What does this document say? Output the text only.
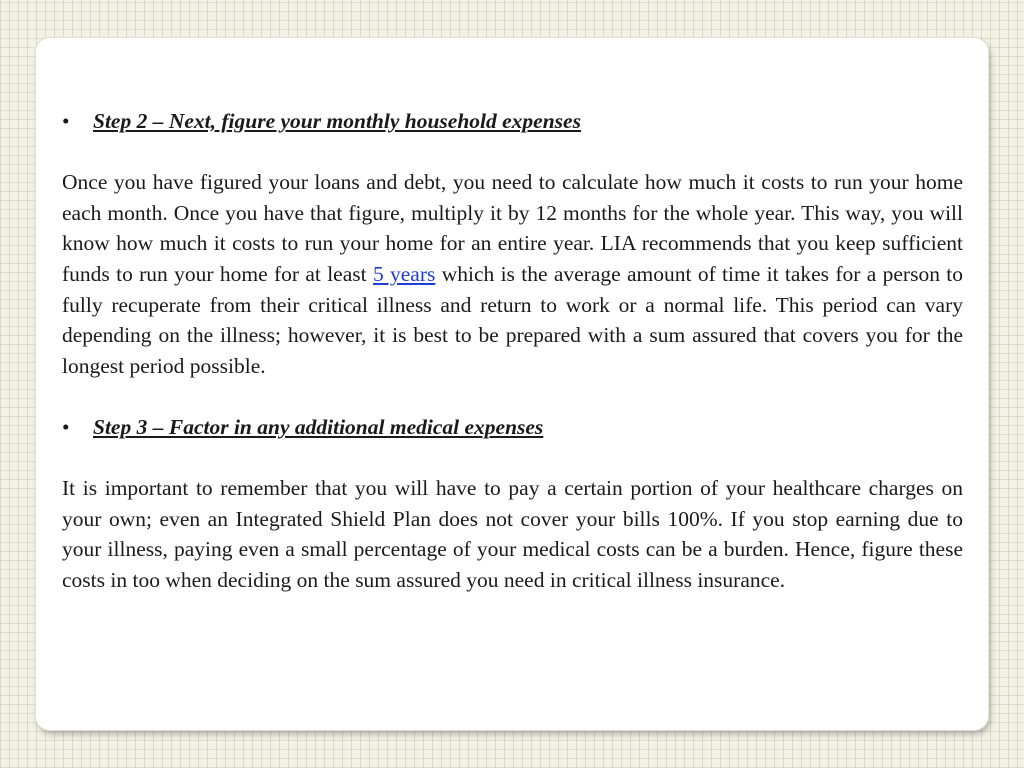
• Step 2 – Next, figure your monthly household expenses

Once you have figured your loans and debt, you need to calculate how much it costs to run your home each month. Once you have that figure, multiply it by 12 months for the whole year. This way, you will know how much it costs to run your home for an entire year. LIA recommends that you keep sufficient funds to run your home for at least 5 years which is the average amount of time it takes for a person to fully recuperate from their critical illness and return to work or a normal life. This period can vary depending on the illness; however, it is best to be prepared with a sum assured that covers you for the longest period possible.

• Step 3 – Factor in any additional medical expenses

It is important to remember that you will have to pay a certain portion of your healthcare charges on your own; even an Integrated Shield Plan does not cover your bills 100%. If you stop earning due to your illness, paying even a small percentage of your medical costs can be a burden. Hence, figure these costs in too when deciding on the sum assured you need in critical illness insurance.
